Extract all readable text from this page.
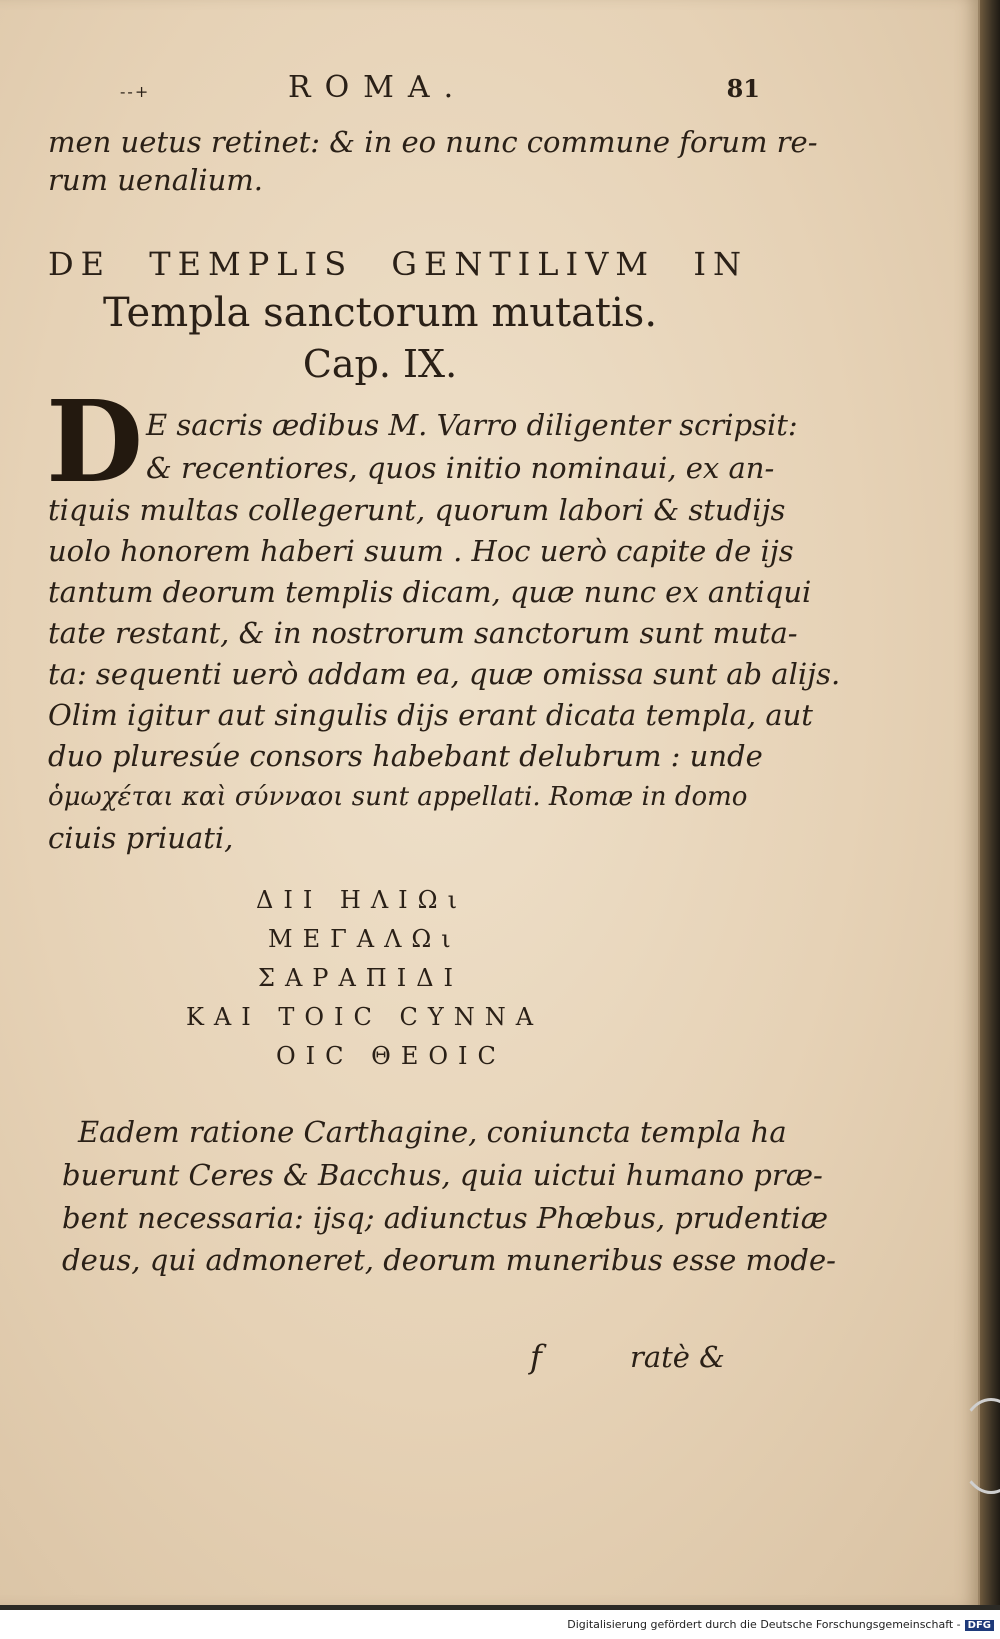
--+	ROMA.	81
men uetus retinet: & in eo nunc commune forum re-
rum uenalium.
DE TEMPLIS GENTILIVM IN
Templa sanctorum mutatis.
Cap. IX.
D E sacris ædibus M. Varro diligenter scripsit:
& recentiores, quos initio nominaui, ex an-
tiquis multas collegerunt, quorum labori & studijs
uolo honorem haberi suum . Hoc uerò capite de ijs
tantum deorum templis dicam, quæ nunc ex antiqui
tate restant, & in nostrorum sanctorum sunt muta-
ta: sequenti uerò addam ea, quæ omissa sunt ab alijs.
Olim igitur aut singulis dijs erant dicata templa, aut
duo pluresúe consors habebant delubrum : unde
ὁμωχέται καὶ σύνναοι sunt appellati. Romæ in domo
ciuis priuati,
ΔΙΙ ΗΛΙΩι
ΜΕΓΑΛΩι
ΣΑΡΑΠΙΔΙ
ΚΑΙ ΤΟΙC CΥΝΝΑ
ΟΙC ΘΕΟΙC
Eadem ratione Carthagine, coniuncta templa ha
buerunt Ceres & Bacchus, quia uictui humano præ-
bent necessaria: ijsq; adiunctus Phœbus, prudentiæ
deus, qui admoneret, deorum muneribus esse mode-
f	ratè &
Digitalisierung gefördert durch die Deutsche Forschungsgemeinschaft - DFG
